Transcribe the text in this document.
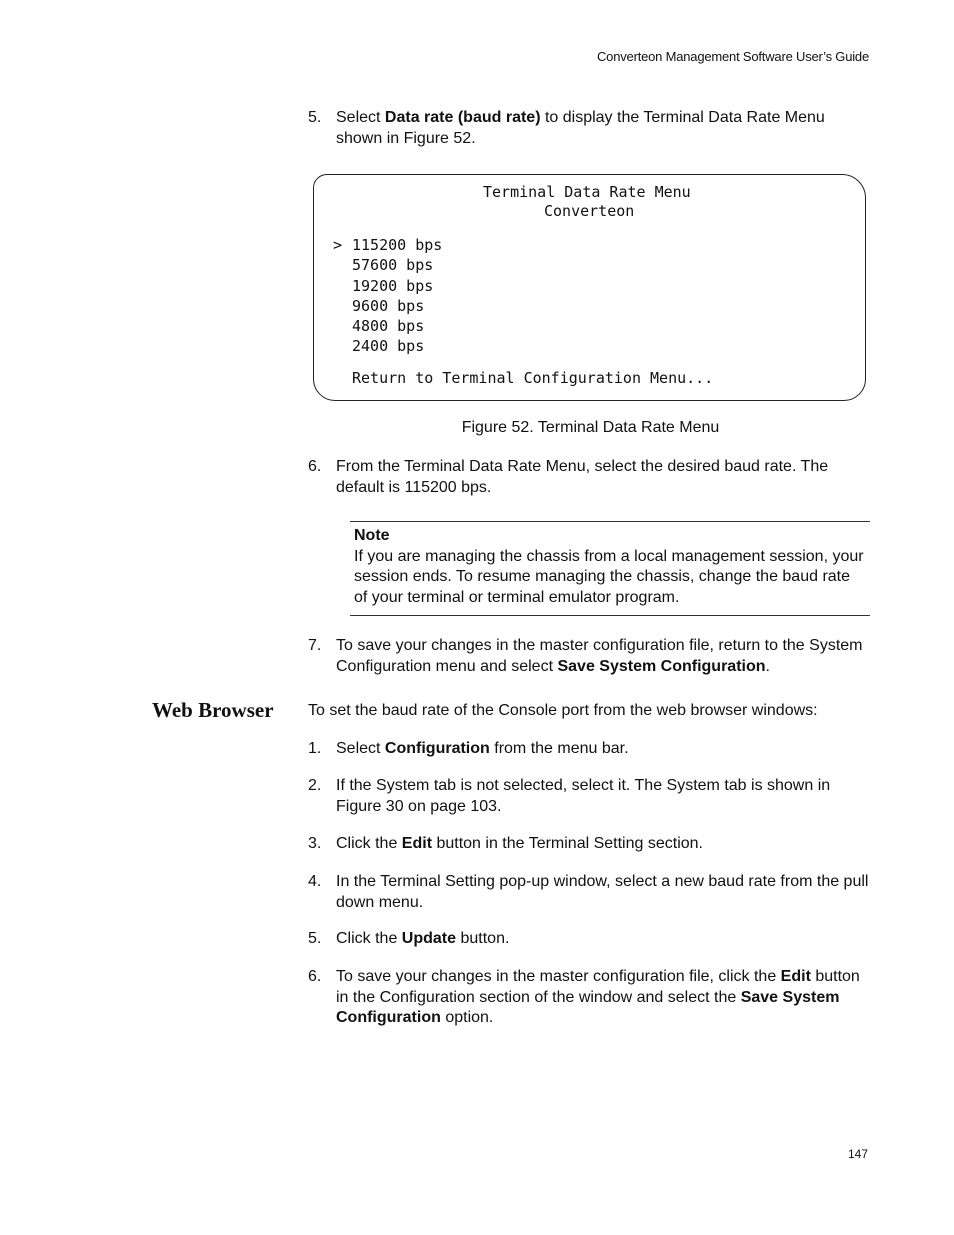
Converteon Management Software User’s Guide
5. Select Data rate (baud rate) to display the Terminal Data Rate Menu shown in Figure 52.
Terminal Data Rate Menu
Converteon
> 115200 bps
57600 bps
19200 bps
9600 bps
4800 bps
2400 bps
Return to Terminal Configuration Menu...
Figure 52. Terminal Data Rate Menu
6. From the Terminal Data Rate Menu, select the desired baud rate. The default is 115200 bps.
Note
If you are managing the chassis from a local management session, your session ends. To resume managing the chassis, change the baud rate of your terminal or terminal emulator program.
7. To save your changes in the master configuration file, return to the System Configuration menu and select Save System Configuration.
Web Browser To set the baud rate of the Console port from the web browser windows:
1. Select Configuration from the menu bar.
2. If the System tab is not selected, select it. The System tab is shown in Figure 30 on page 103.
3. Click the Edit button in the Terminal Setting section.
4. In the Terminal Setting pop-up window, select a new baud rate from the pull down menu.
5. Click the Update button.
6. To save your changes in the master configuration file, click the Edit button in the Configuration section of the window and select the Save System Configuration option.
147
